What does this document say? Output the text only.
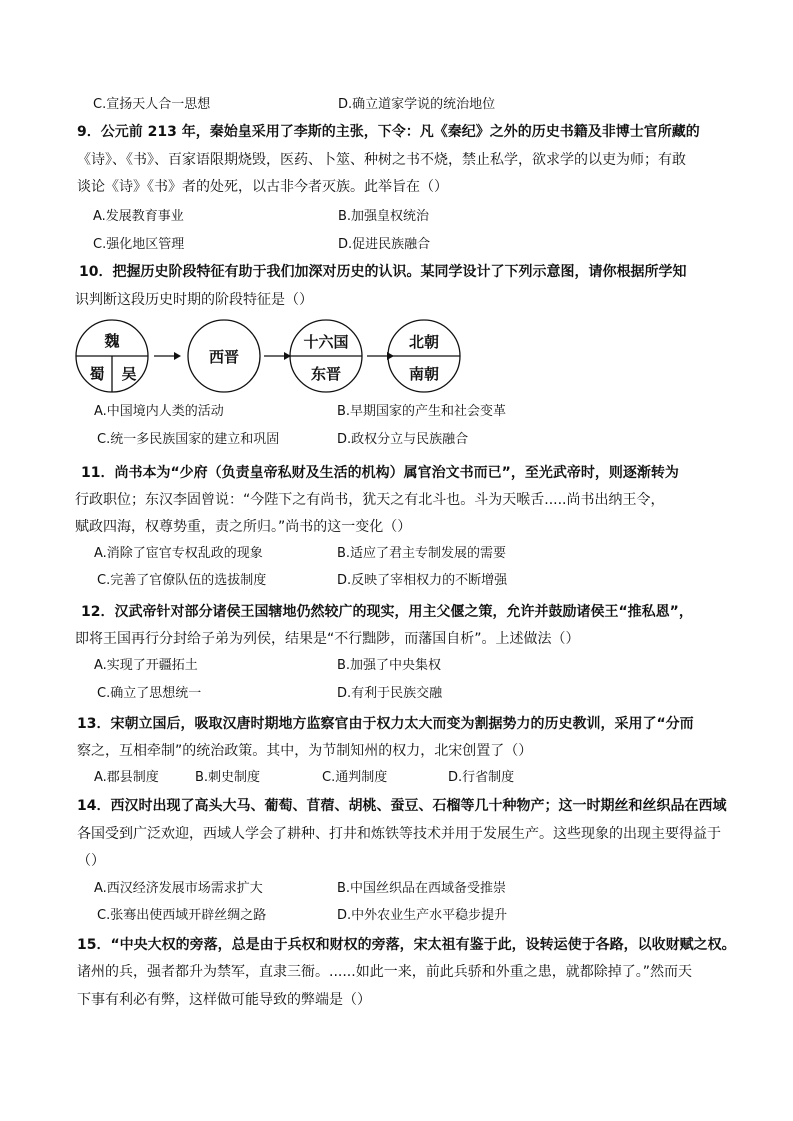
C.宣扬天人合一思想	D.确立道家学说的统治地位
9．公元前 213 年，秦始皇采用了李斯的主张，下令：凡《秦纪》之外的历史书籍及非博士官所藏的
《诗》、《书》、百家语限期烧毁，医药、卜筮、种树之书不烧，禁止私学，欲求学的以吏为师；有敢
谈论《诗》《书》者的处死，以古非今者灭族。此举旨在（）
A.发展教育事业	B.加强皇权统治
C.强化地区管理	D.促进民族融合
10．把握历史阶段特征有助于我们加深对历史的认识。某同学设计了下列示意图，请你根据所学知
识判断这段历史时期的阶段特征是（）
魏
蜀 吴
西晋
十六国
东晋
北朝
南朝
A.中国境内人类的活动	B.早期国家的产生和社会变革
C.统一多民族国家的建立和巩固	D.政权分立与民族融合
11．尚书本为“少府（负责皇帝私财及生活的机构）属官治文书而已”，至光武帝时，则逐渐转为
行政职位；东汉李固曾说：“今陛下之有尚书，犹天之有北斗也。斗为天喉舌.....尚书出纳王令，
赋政四海，权尊势重，责之所归。”尚书的这一变化（）
A.消除了宦官专权乱政的现象	B.适应了君主专制发展的需要
C.完善了官僚队伍的选拔制度	D.反映了宰相权力的不断增强
12．汉武帝针对部分诸侯王国辖地仍然较广的现实，用主父偃之策，允许并鼓励诸侯王“推私恩”，
即将王国再行分封给子弟为列侯，结果是“不行黜陟，而藩国自析”。上述做法（）
A.实现了开疆拓土	B.加强了中央集权
C.确立了思想统一	D.有利于民族交融
13．宋朝立国后，吸取汉唐时期地方监察官由于权力太大而变为割据势力的历史教训，采用了“分而
察之，互相牵制”的统治政策。其中，为节制知州的权力，北宋创置了（）
A.郡县制度	B.刺史制度	C.通判制度	D.行省制度
14．西汉时出现了高头大马、葡萄、苜蓿、胡桃、蚕豆、石榴等几十种物产；这一时期丝和丝织品在西域
各国受到广泛欢迎，西域人学会了耕种、打井和炼铁等技术并用于发展生产。这些现象的出现主要得益于
（）
A.西汉经济发展市场需求扩大	B.中国丝织品在西域备受推崇
C.张骞出使西域开辟丝绸之路	D.中外农业生产水平稳步提升
15．“中央大权的旁落，总是由于兵权和财权的旁落，宋太祖有鉴于此，设转运使于各路，以收财赋之权。
诸州的兵，强者都升为禁军，直隶三衙。......如此一来，前此兵骄和外重之患，就都除掉了。”然而天
下事有利必有弊，这样做可能导致的弊端是（）
